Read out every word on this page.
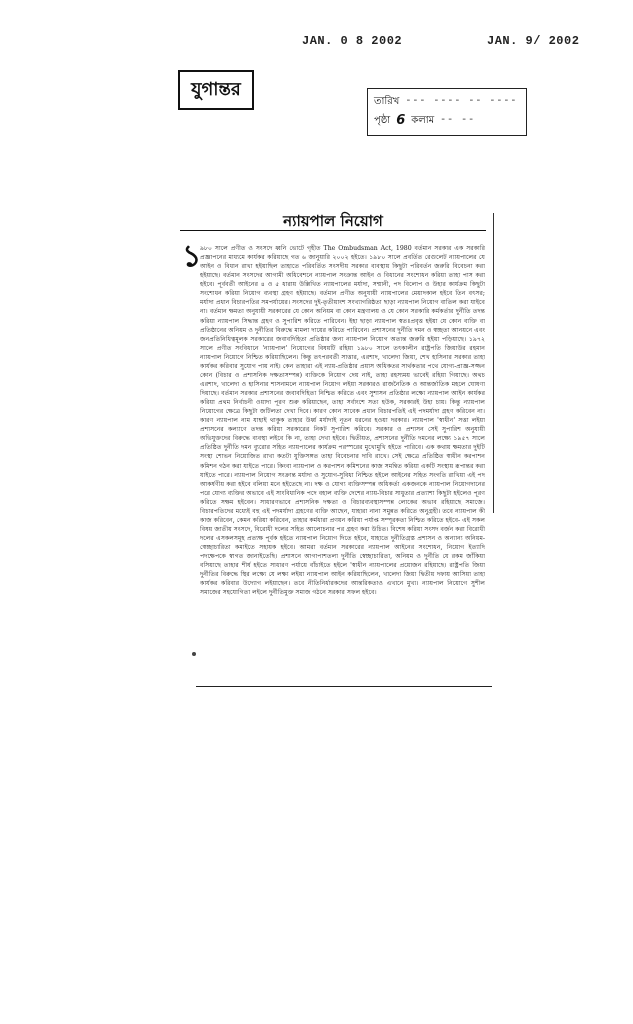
JAN. 0 8 2002	JAN. 9/ 2002
যুগান্তর
তারিখ --- ---- -- ----
পৃষ্ঠা 6 কলাম -- --
ন্যায়পাল নিয়োগ
১
৯৮০ সালে প্রণীত ও সংসদে ধ্বনি ভোটে গৃহীত The Ombudsman Act, 1980 বর্তমান সরকার এক সরকারি প্রজ্ঞাপনের মাধ্যমে কার্যকর করিয়াছে গত ৬ জানুয়ারি ২০০২ হইতে। ১৯৮০ সালে প্রবর্তিত রেগুলেট ন্যায়পালের যে আইন ও বিধান রাখা হইয়াছিল তাহাতে পরিবর্তিত সংসদীয় সরকার ব্যবস্থায় কিছুটা পরিবর্তন জরুরি বিবেচনা করা হইয়াছে। বর্তমান সংসদের আগামী অধিবেশনে ন্যায়পাল সংক্রান্ত আইন ও বিধানের সংশোধন করিয়া তাহা পাস করা হইবে। পূর্ববর্তী আইনের ৪ ও ৫ ধারায় উল্লিখিত ন্যায়পালের মর্যাদা, সম্মানী, পদ বিলোপ ও উহার কার্যক্রম কিছুটা সংশোধন করিয়া নিয়োগ ব্যবস্থা গ্রহণ হইয়াছে। বর্তমান প্রণীত অনুযায়ী ন্যায়পালের মেয়াদকাল হইবে তিন বৎসর; মর্যাদা প্রধান বিচারপতির সমপর্যায়ের। সংসদের দুই-তৃতীয়াংশ সংখ্যাগরিষ্ঠতা ছাড়া ন্যায়পাল নিয়োগ বাতিল করা যাইবে না। বর্তমান ক্ষমতা অনুযায়ী সরকারের যে কোন অনিয়ম বা কোন মন্ত্রণালয় ও যে কোন সরকারি কর্মকর্তার দুর্নীতি তদন্ত করিয়া ন্যায়পাল সিদ্ধান্ত গ্রহণ ও সুপারিশ করিতে পারিবেন। ইহা ছাড়া ন্যায়পাল স্বতঃপ্রবৃত্ত হইয়া যে কোন ব্যক্তি বা প্রতিষ্ঠানের অনিয়ম ও দুর্নীতির বিরুদ্ধে মামলা দায়ের করিতে পারিবেন। প্রশাসনের দুর্নীতি দমন ও স্বচ্ছতা আনয়নে এবং জনপ্রতিনিধিত্বমূলক সরকারের জবাবদিহিতা প্রতিষ্ঠার জন্য ন্যায়পাল নিয়োগ অত্যন্ত জরুরি হইয়া পড়িয়াছে। ১৯৭২ সালে প্রণীত সংবিধানে 'ন্যায়পাল' নিয়োগের বিষয়টি রহিয়া ১৯৮০ সালে তৎকালীন রাষ্ট্রপতি জিয়াউর রহমান ন্যায়পাল নিয়োগে নিশ্চিত করিয়াছিলেন। কিন্তু তৎপরবর্তী সাত্তার, এরশাদ, খালেদা জিয়া, শেখ হাসিনার সরকার তাহা কার্যকর করিবার সুযোগ পায় নাই। কেন তাহারা এই ন্যায়-প্রতিষ্ঠার প্রয়াস অধিকতর সার্থকতার পথে যোগ্য-প্রাজ্ঞ-সজ্জন কোন (বিচার ও প্রশাসনিক দক্ষতাসম্পন্ন) ব্যক্তিকে নিয়োগ দেয় নাই, তাহা রহস্যময় ভাবেই রহিয়া গিয়াছে। অথচ এরশাদ, খালেদা ও হাসিনার শাসনামলে ন্যায়পাল নিয়োগ লইয়া সরকারও রাজনৈতিক ও আন্তর্জাতিক মহলে ঘোষণা দিয়াছে। বর্তমান সরকার প্রশাসনের জবাবদিহিতা নিশ্চিত করিতে এবং সুশাসন প্রতিষ্ঠার লক্ষ্যে ন্যায়পাল আইন কার্যকর করিয়া প্রথম নির্বাচনী ওয়াদা পূরণ শুরু করিয়াছেন, তাহা সর্বাংশে সত্য হউক, সরকারই উহা চায়। কিন্তু ন্যায়পাল নিয়োগের ক্ষেত্রে কিছুটা জটিলতা দেখা দিবে। কারণ কোন সাবেক প্রধান বিচারপতিই এই পদমর্যাদা গ্রহণ করিবেন না। কারণ ন্যায়পাল নাম যাহাই থাকুক তাহার উর্ধ্ব মর্যাদাই নূতন ধরনের হওয়া দরকার। ন্যায়পাল 'স্বাধীন' সত্তা লইয়া প্রশাসনের কল্যাণে তদন্ত করিয়া সরকারের নিকট সুপারিশ করিবে। সরকার ও প্রশাসন সেই সুপারিশ অনুযায়ী অভিযুক্তদের বিরুদ্ধে ব্যবস্থা লইবে কি না, তাহা দেখা হইবে। দ্বিতীয়ত, প্রশাসনের দুর্নীতি দমনের লক্ষ্যে ১৯৫৭ সালে প্রতিষ্ঠিত দুর্নীতি দমন ব্যুরোর সহিত ন্যায়পালের কার্যক্রম পরস্পরের মুখোমুখি হইতে পারিবে। এক কথায় ক্ষমতার দুইটি সংস্থা শোভন নিয়োজিত রাখা কতটা যুক্তিসঙ্গত তাহা বিবেচনার দাবি রাখে। সেই ক্ষেত্রে প্রতিষ্ঠিত স্বাধীন করপাশন কমিশন গঠন করা যাইতে পারে। কিংবা ন্যায়পাল ও করপাশন কমিশনের কাজ সমন্বিত করিয়া একটি সংস্থায় রূপান্তর করা যাইতে পারে। ন্যায়পাল নিয়োগ সংক্রান্ত মর্যাদা ও সুযোগ-সুবিধা নিশ্চিত হইলে আইনের সহিত সংগতি রাখিয়া এই পদ আকর্ষণীয় করা হইবে বলিয়া মনে হইতেছে না। দক্ষ ও যোগ্য ব্যক্তিসম্পন্ন অধিকর্তা একজনকে ন্যায়পাল নিয়োগদানের পরে যোগ্য ব্যক্তির অভাবে এই সাংবিধানিক পদে বহাল ব্যক্তি দেশের ন্যায়-বিচার সাধুতার প্রত্যাশা কিছুটা হইলেও পূরণ করিতে সক্ষম হইবেন। সাধারণভাবে প্রশাসনিক দক্ষতা ও বিচারব্যবস্থাসম্পন্ন লোকের অভাব রহিয়াছে সমাজে। বিচারপতিদের মধ্যেই বহু এই পদমর্যাদা গ্রহণের ব্যক্তি আছেন, যাহারা নানা সমুন্নত করিতে অনুগ্রহী। তবে ন্যায়পাল কী কাজ করিবেন, কেমন করিয়া করিবেন, তাহার কর্মধারা প্রণয়ন করিয়া পর্যাপ্ত সম্পূরকতা নিশ্চিত করিতে হইবে- এই সকল বিষয় জাতীয় সংসদে, বিরোধী দলের সহিত আলোচনার পর গ্রহণ করা উচিত। বিশেষ করিয়া সংসদ বর্জন করা বিরোধী দলের এসকলসমূহ প্রত্যক্ষ পূর্বক হইতে ন্যায়পাল নিয়োগ দিতে হইবে, যাহাতে দুর্নীতিগ্রস্ত প্রশাসন ও অন্যান্য অনিয়ম-স্বেচ্ছাচারিতা কমাইতে সহায়ক হইবে। আমরা বর্তমান সরকারের ন্যায়পাল আইনের সংশোধন, নিয়োগ ইত্যাদি পদক্ষেপকে স্বাগত জানাইতেছি। প্রশাসনে আগাপাশতলা দুর্নীতি স্বেচ্ছাচারিতা, অনিয়ম ও দুর্নীতি যে রকম জাঁকিয়া বসিয়াছে তাহার শীর্ষ হইতে সাধারণ পর্যায়ে বাঁচাইতে হইলে 'স্বাধীন ন্যায়পালের প্রয়োজন রহিয়াছে। রাষ্ট্রপতি জিয়া দুর্নীতির বিরুদ্ধে স্থির লক্ষ্যে যে লক্ষ্য লইয়া ন্যায়পাল আইন করিয়াছিলেন, খালেদা জিয়া দ্বিতীয় দফায় আসিয়া তাহা কার্যকর করিবার উদ্যোগ লইয়াছেন। তবে নীতিনির্ধারকদের আন্তরিকতাও এখানে মুখ্য। ন্যায়পাল নিয়োগে সুশীল সমাজের সহযোগিতা লইলে দুর্নীতিমুক্ত সমাজ গঠনে সরকার সফল হইবে।
